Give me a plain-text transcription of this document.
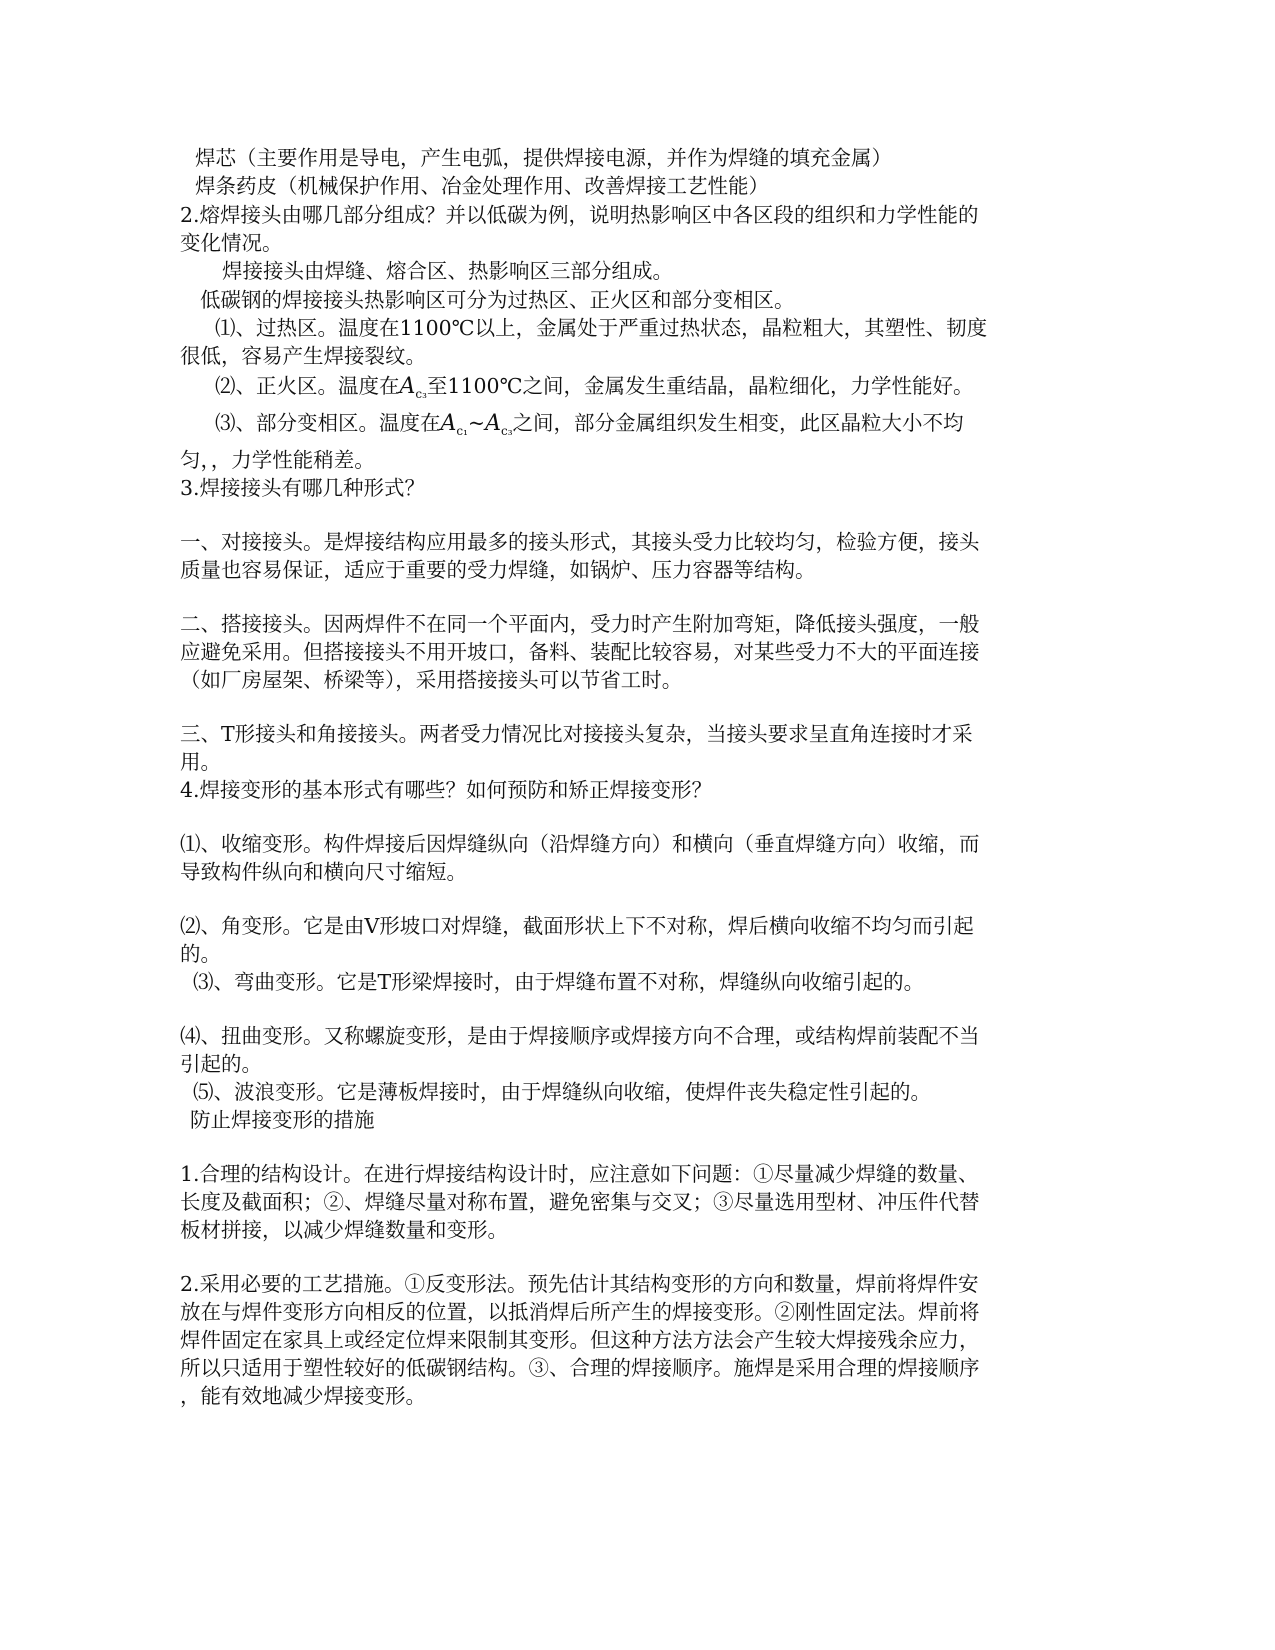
焊芯（主要作用是导电，产生电弧，提供焊接电源，并作为焊缝的填充金属）
焊条药皮（机械保护作用、冶金处理作用、改善焊接工艺性能）
2.熔焊接头由哪几部分组成？并以低碳为例，说明热影响区中各区段的组织和力学性能的
变化情况。
焊接接头由焊缝、熔合区、热影响区三部分组成。
低碳钢的焊接接头热影响区可分为过热区、正火区和部分变相区。
⑴、过热区。温度在1100℃以上，金属处于严重过热状态，晶粒粗大，其塑性、韧度
很低，容易产生焊接裂纹。
⑵、正火区。温度在$A_{c_3}$至1100℃之间，金属发生重结晶，晶粒细化，力学性能好。
⑶、部分变相区。温度在$A_{c_1}\sim A_{c_3}$之间，部分金属组织发生相变，此区晶粒大小不均
匀，，力学性能稍差。
3.焊接接头有哪几种形式？
一、对接接头。是焊接结构应用最多的接头形式，其接头受力比较均匀，检验方便，接头
质量也容易保证，适应于重要的受力焊缝，如锅炉、压力容器等结构。
二、搭接接头。因两焊件不在同一个平面内，受力时产生附加弯矩，降低接头强度，一般
应避免采用。但搭接接头不用开坡口，备料、装配比较容易，对某些受力不大的平面连接
（如厂房屋架、桥梁等），采用搭接接头可以节省工时。
三、T形接头和角接接头。两者受力情况比对接接头复杂，当接头要求呈直角连接时才采
用。
4.焊接变形的基本形式有哪些？如何预防和矫正焊接变形？
⑴、收缩变形。构件焊接后因焊缝纵向（沿焊缝方向）和横向（垂直焊缝方向）收缩，而
导致构件纵向和横向尺寸缩短。
⑵、角变形。它是由V形坡口对焊缝，截面形状上下不对称，焊后横向收缩不均匀而引起
的。
⑶、弯曲变形。它是T形梁焊接时，由于焊缝布置不对称，焊缝纵向收缩引起的。
⑷、扭曲变形。又称螺旋变形，是由于焊接顺序或焊接方向不合理，或结构焊前装配不当
引起的。
⑸、波浪变形。它是薄板焊接时，由于焊缝纵向收缩，使焊件丧失稳定性引起的。
防止焊接变形的措施
1.合理的结构设计。在进行焊接结构设计时，应注意如下问题：①尽量减少焊缝的数量、
长度及截面积；②、焊缝尽量对称布置，避免密集与交叉；③尽量选用型材、冲压件代替
板材拼接，以减少焊缝数量和变形。
2.采用必要的工艺措施。①反变形法。预先估计其结构变形的方向和数量，焊前将焊件安
放在与焊件变形方向相反的位置，以抵消焊后所产生的焊接变形。②刚性固定法。焊前将
焊件固定在家具上或经定位焊来限制其变形。但这种方法方法会产生较大焊接残余应力，
所以只适用于塑性较好的低碳钢结构。③、合理的焊接顺序。施焊是采用合理的焊接顺序
，能有效地减少焊接变形。
